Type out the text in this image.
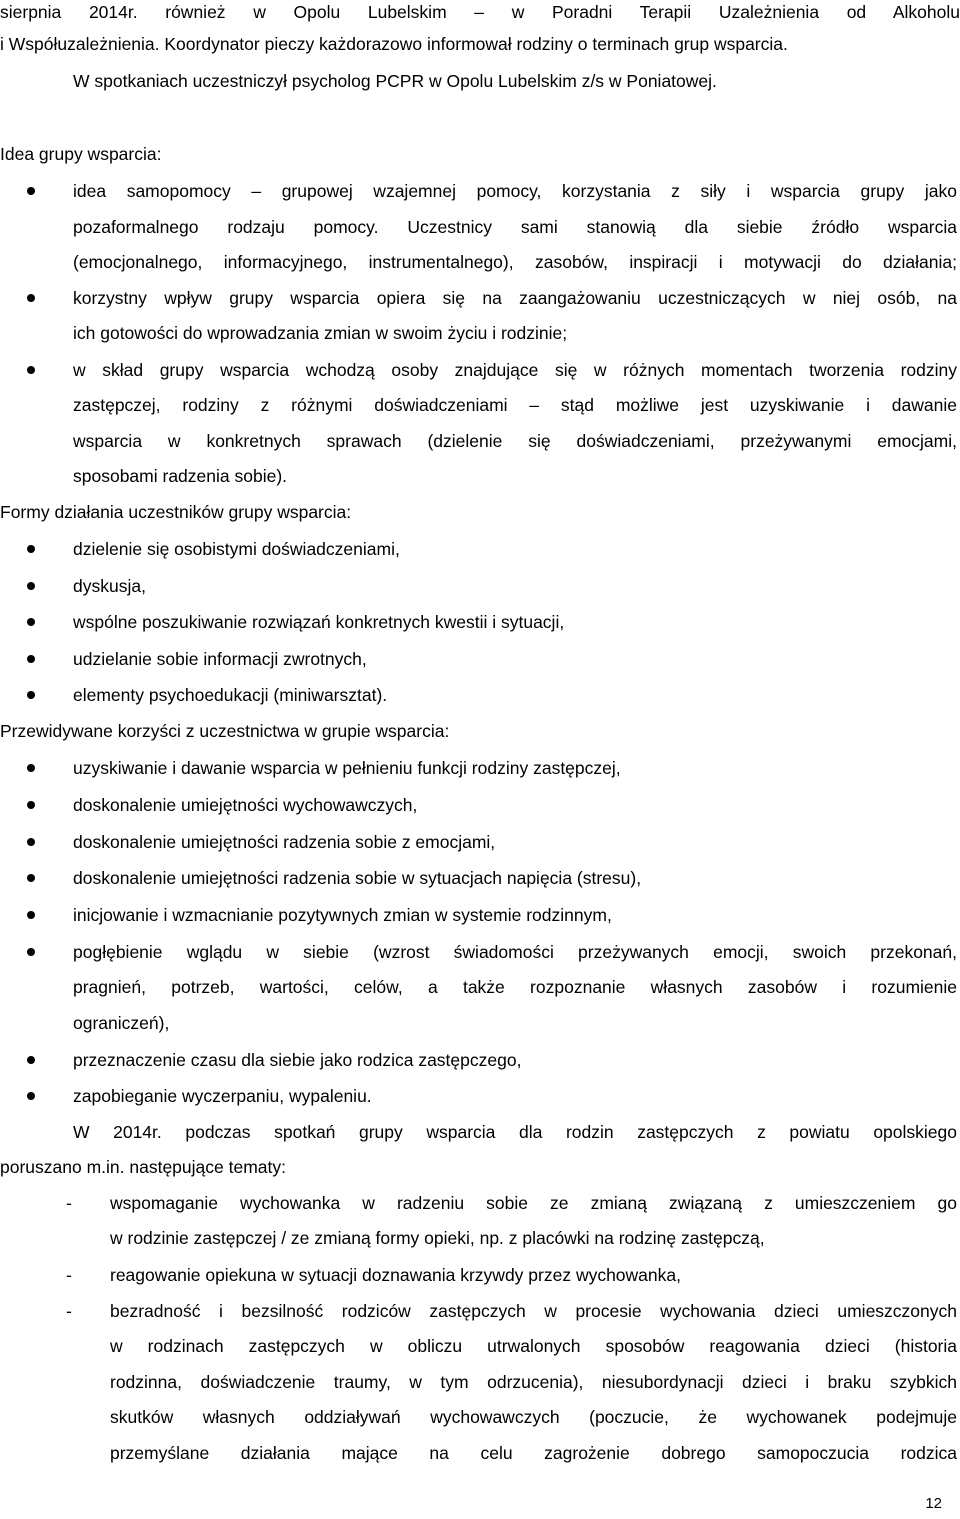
sierpnia 2014r. również w Opolu Lubelskim – w Poradni Terapii Uzależnienia od Alkoholu
i Współuzależnienia. Koordynator pieczy każdorazowo informował rodziny o terminach grup wsparcia.
W spotkaniach uczestniczył psycholog PCPR w Opolu Lubelskim z/s w Poniatowej.
Idea grupy wsparcia:
idea samopomocy – grupowej wzajemnej pomocy, korzystania z siły i wsparcia grupy jako
pozaformalnego rodzaju pomocy. Uczestnicy sami stanowią dla siebie źródło wsparcia
(emocjonalnego, informacyjnego, instrumentalnego), zasobów, inspiracji i motywacji do działania;
korzystny wpływ grupy wsparcia opiera się na zaangażowaniu uczestniczących w niej osób, na
ich gotowości do wprowadzania zmian w swoim życiu i rodzinie;
w skład grupy wsparcia wchodzą osoby znajdujące się w różnych momentach tworzenia rodziny
zastępczej, rodziny z różnymi doświadczeniami – stąd możliwe jest uzyskiwanie i dawanie
wsparcia w konkretnych sprawach (dzielenie się doświadczeniami, przeżywanymi emocjami,
sposobami radzenia sobie).
Formy działania uczestników grupy wsparcia:
dzielenie się osobistymi doświadczeniami,
dyskusja,
wspólne poszukiwanie rozwiązań konkretnych kwestii i sytuacji,
udzielanie sobie informacji zwrotnych,
elementy psychoedukacji (miniwarsztat).
Przewidywane korzyści z uczestnictwa w grupie wsparcia:
uzyskiwanie i dawanie wsparcia w pełnieniu funkcji rodziny zastępczej,
doskonalenie umiejętności wychowawczych,
doskonalenie umiejętności radzenia sobie z emocjami,
doskonalenie umiejętności radzenia sobie w sytuacjach napięcia (stresu),
inicjowanie i wzmacnianie pozytywnych zmian w systemie rodzinnym,
pogłębienie wglądu w siebie (wzrost świadomości przeżywanych emocji, swoich przekonań,
pragnień, potrzeb, wartości, celów, a także rozpoznanie własnych zasobów i rozumienie
ograniczeń),
przeznaczenie czasu dla siebie jako rodzica zastępczego,
zapobieganie wyczerpaniu, wypaleniu.
W 2014r. podczas spotkań grupy wsparcia dla rodzin zastępczych z powiatu opolskiego
poruszano m.in. następujące tematy:
-	wspomaganie wychowanka w radzeniu sobie ze zmianą związaną z umieszczeniem go
w rodzinie zastępczej / ze zmianą formy opieki, np. z placówki na rodzinę zastępczą,
-	reagowanie opiekuna w sytuacji doznawania krzywdy przez wychowanka,
-	bezradność i bezsilność rodziców zastępczych w procesie wychowania dzieci umieszczonych
w rodzinach zastępczych w obliczu utrwalonych sposobów reagowania dzieci (historia
rodzinna, doświadczenie traumy, w tym odrzucenia), niesubordynacji dzieci i braku szybkich
skutków własnych oddziaływań wychowawczych (poczucie, że wychowanek podejmuje
przemyślane działania mające na celu zagrożenie dobrego samopoczucia rodzica
12
